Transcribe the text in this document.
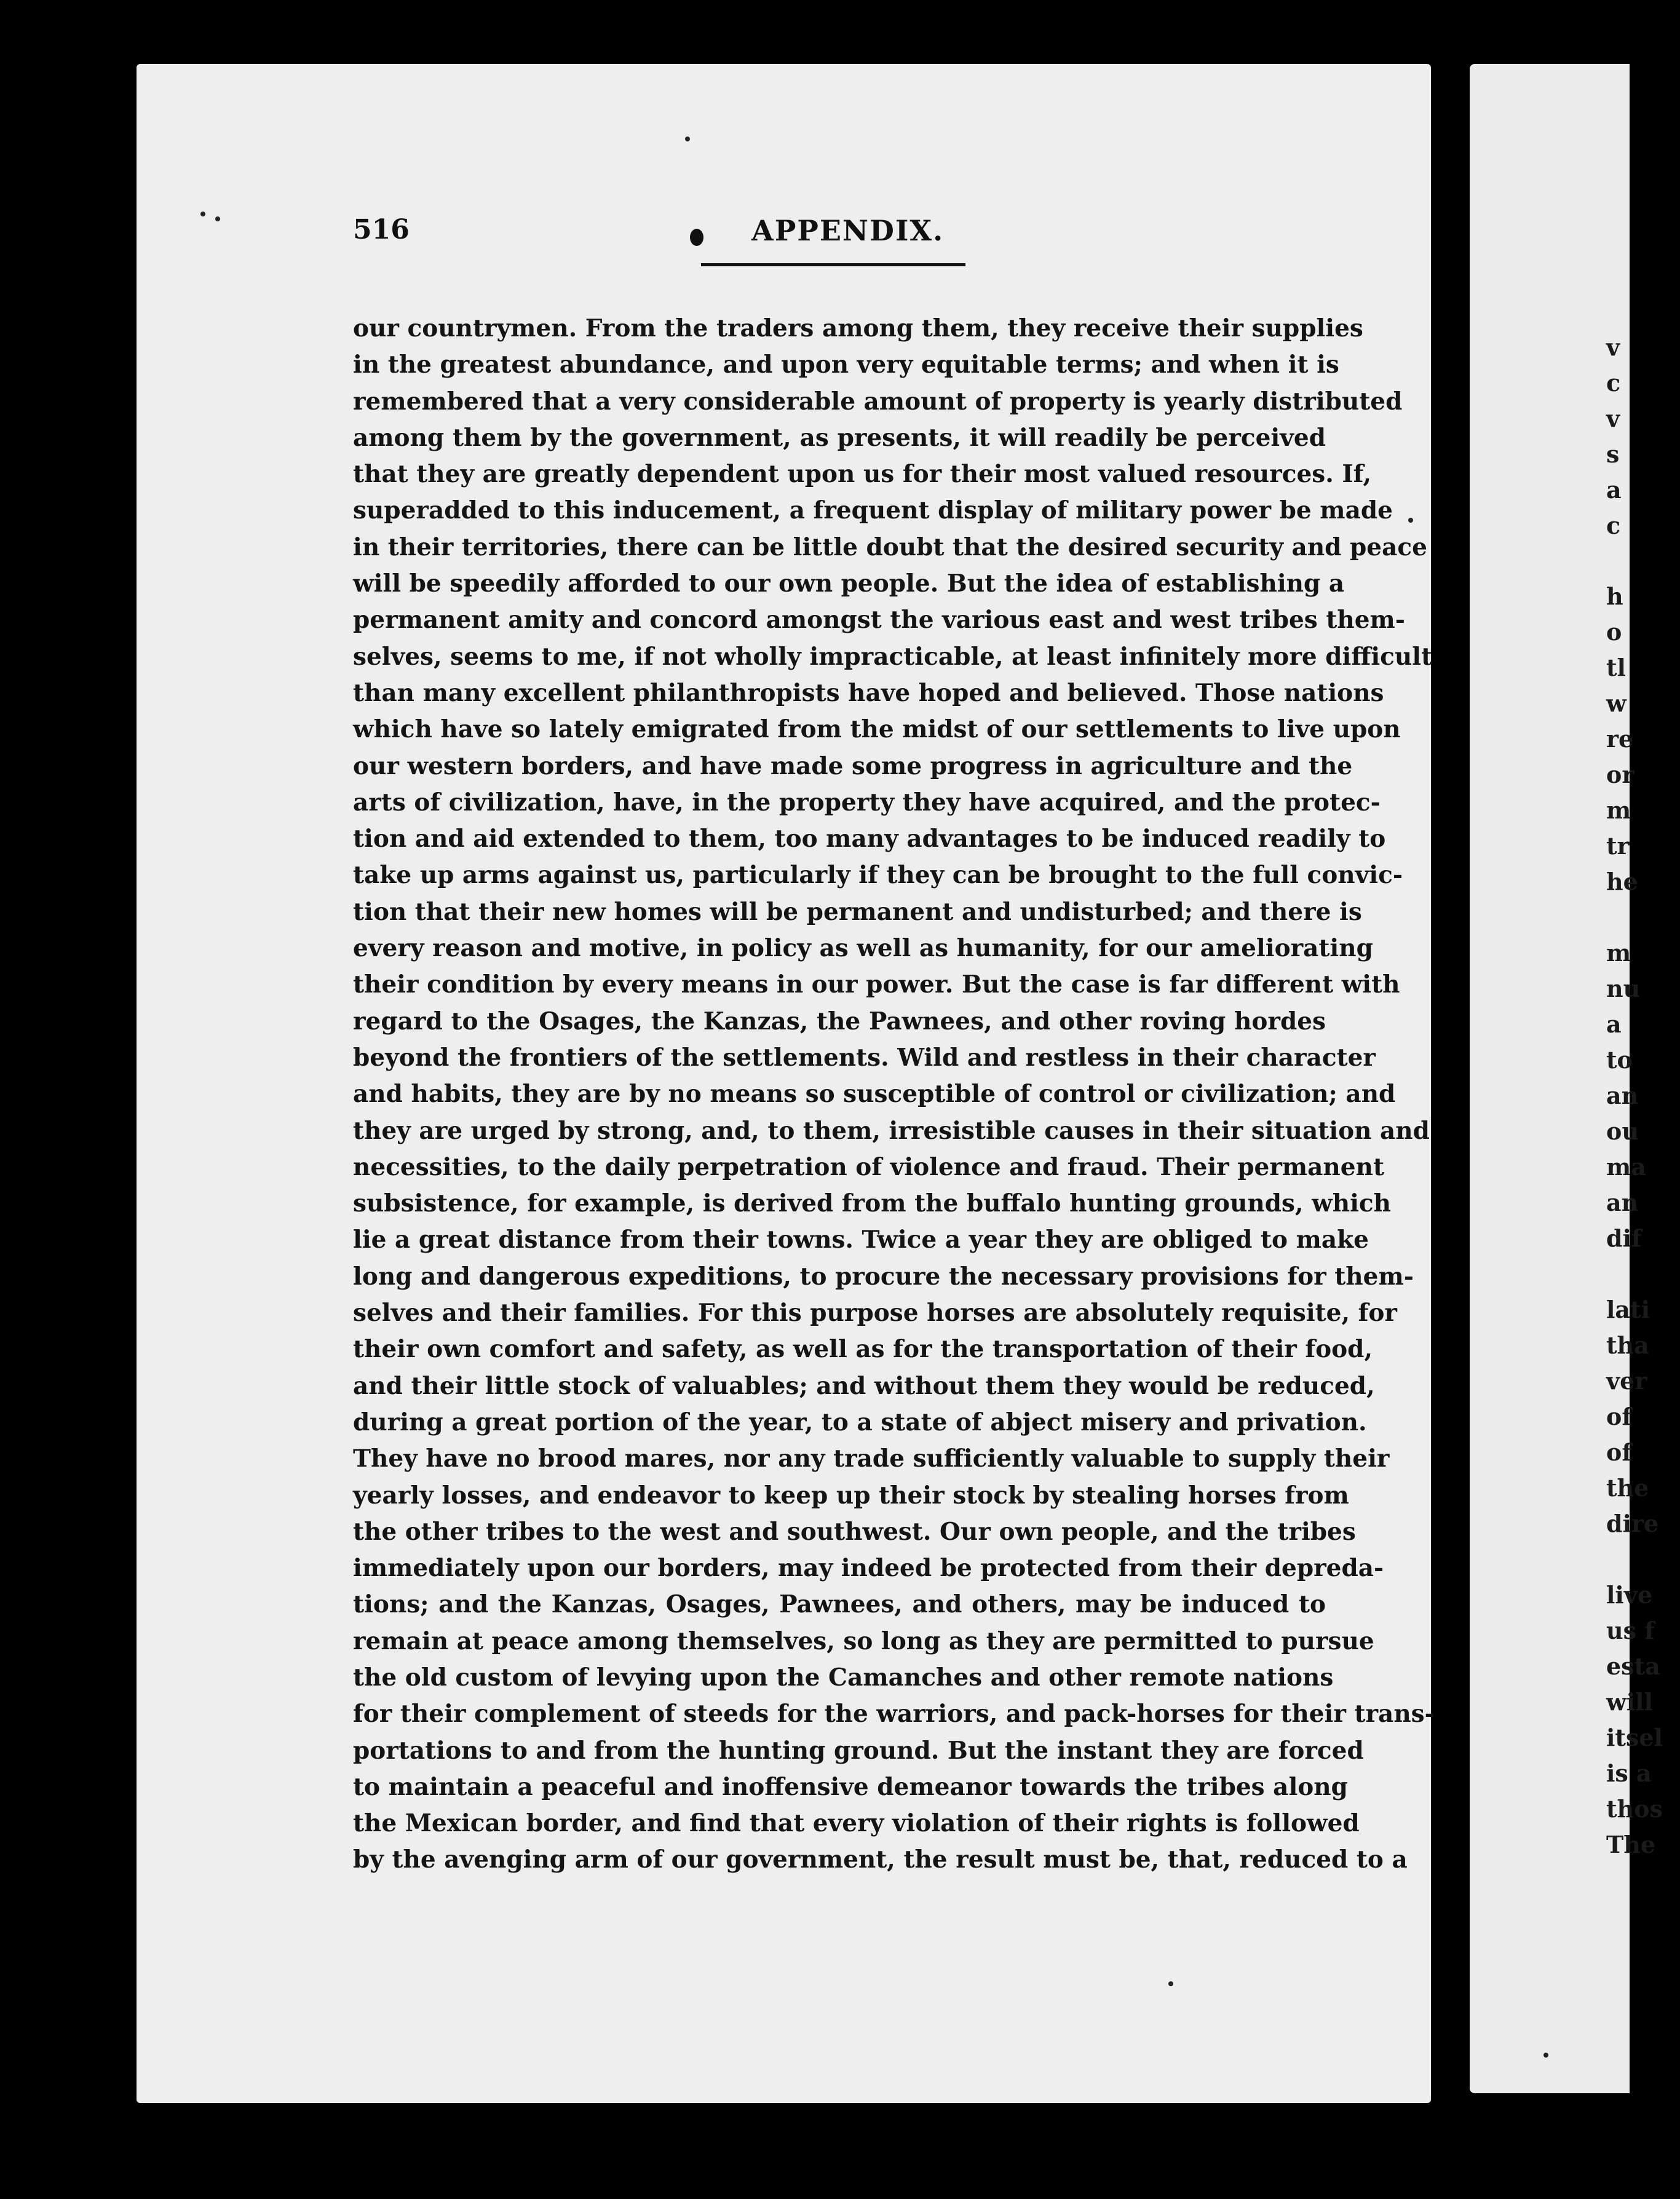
516	APPENDIX.
our countrymen. From the traders among them, they receive their supplies
in the greatest abundance, and upon very equitable terms; and when it is
remembered that a very considerable amount of property is yearly distributed
among them by the government, as presents, it will readily be perceived
that they are greatly dependent upon us for their most valued resources. If,
superadded to this inducement, a frequent display of military power be made
in their territories, there can be little doubt that the desired security and peace
will be speedily afforded to our own people. But the idea of establishing a
permanent amity and concord amongst the various east and west tribes them-
selves, seems to me, if not wholly impracticable, at least infinitely more difficult
than many excellent philanthropists have hoped and believed. Those nations
which have so lately emigrated from the midst of our settlements to live upon
our western borders, and have made some progress in agriculture and the
arts of civilization, have, in the property they have acquired, and the protec-
tion and aid extended to them, too many advantages to be induced readily to
take up arms against us, particularly if they can be brought to the full convic-
tion that their new homes will be permanent and undisturbed; and there is
every reason and motive, in policy as well as humanity, for our ameliorating
their condition by every means in our power. But the case is far different with
regard to the Osages, the Kanzas, the Pawnees, and other roving hordes
beyond the frontiers of the settlements. Wild and restless in their character
and habits, they are by no means so susceptible of control or civilization; and
they are urged by strong, and, to them, irresistible causes in their situation and
necessities, to the daily perpetration of violence and fraud. Their permanent
subsistence, for example, is derived from the buffalo hunting grounds, which
lie a great distance from their towns. Twice a year they are obliged to make
long and dangerous expeditions, to procure the necessary provisions for them-
selves and their families. For this purpose horses are absolutely requisite, for
their own comfort and safety, as well as for the transportation of their food,
and their little stock of valuables; and without them they would be reduced,
during a great portion of the year, to a state of abject misery and privation.
They have no brood mares, nor any trade sufficiently valuable to supply their
yearly losses, and endeavor to keep up their stock by stealing horses from
the other tribes to the west and southwest. Our own people, and the tribes
immediately upon our borders, may indeed be protected from their depreda-
tions; and the Kanzas, Osages, Pawnees, and others, may be induced to
remain at peace among themselves, so long as they are permitted to pursue
the old custom of levying upon the Camanches and other remote nations
for their complement of steeds for the warriors, and pack-horses for their trans-
portations to and from the hunting ground. But the instant they are forced
to maintain a peaceful and inoffensive demeanor towards the tribes along
the Mexican border, and find that every violation of their rights is followed
by the avenging arm of our government, the result must be, that, reduced to a
v
c
v
s
a
c
h
o
tl
w
re
or
m
tr
he
m
nu
a
to
an
ou
ma
an
dif
lati
tha
ver
of
of
the
dire
live
us f
esta
will
itsel
is a
thos
The
